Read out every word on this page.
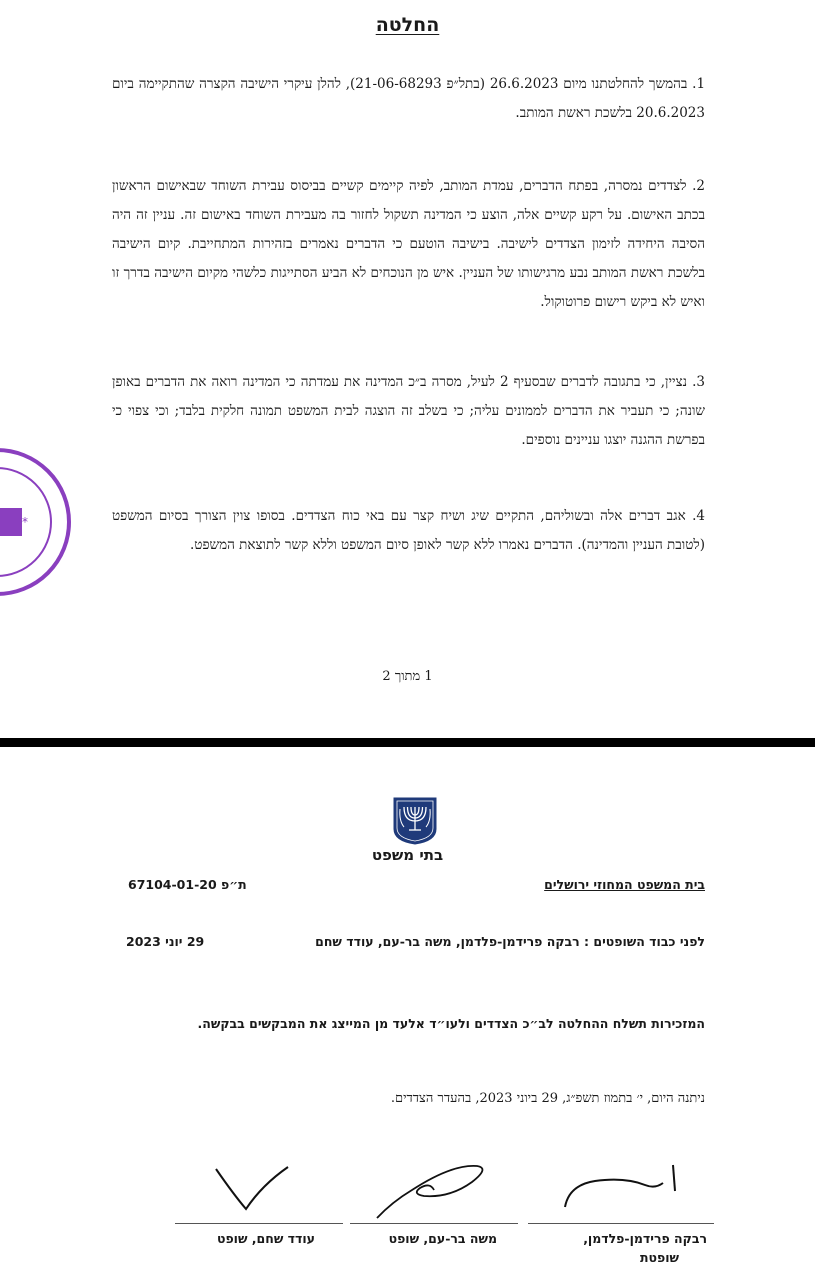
החלטה
1. בהמשך להחלטתנו מיום 26.6.2023 (בתל״פ 21-06-68293), להלן עיקרי הישיבה הקצרה שהתקיימה ביום 20.6.2023 בלשכת ראשת המותב.
2. לצדדים נמסרה, בפתח הדברים, עמדת המותב, לפיה קיימים קשיים בביסוס עבירת השוחד שבאישום הראשון בכתב האישום. על רקע קשיים אלה, הוצע כי המדינה תשקול לחזור בה מעבירת השוחד באישום זה. עניין זה היה הסיבה היחידה לזימון הצדדים לישיבה. בישיבה הוטעם כי הדברים נאמרים בזהירות המתחייבת. קיום הישיבה בלשכת ראשת המותב נבע מרגישותו של העניין. איש מן הנוכחים לא הביע הסתייגות כלשהי מקיום הישיבה בדרך זו ואיש לא ביקש רישום פרוטוקול.
3. נציין, כי בתגובה לדברים שבסעיף 2 לעיל, מסרה ב״כ המדינה את עמדתה כי המדינה רואה את הדברים באופן שונה; כי תעביר את הדברים לממונים עליה; כי בשלב זה הוצגה לבית המשפט תמונה חלקית בלבד; וכי צפוי כי בפרשת ההגנה יוצגו עניינים נוספים.
4. אגב דברים אלה ובשוליהם, התקיים שיג ושיח קצר עם באי כוח הצדדים. בסופו צוין הצורך בסיום המשפט (לטובת העניין והמדינה). הדברים נאמרו ללא קשר לאופן סיום המשפט וללא קשר לתוצאת המשפט.
1 מתוך 2
*
בתי משפט
בית המשפט המחוזי ירושלים
ת״פ 67104-01-20
לפני כבוד השופטים : רבקה פרידמן-פלדמן, משה בר-עם, עודד שחם
29 יוני 2023
המזכירות תשלח ההחלטה לב״כ הצדדים ולעו״ד אלעד מן המייצג את המבקשים בבקשה.
ניתנה היום, י׳ בתמוז תשפ״ג, 29 ביוני 2023, בהעדר הצדדים.
רבקה פרידמן-פלדמן,
שופטת
משה בר-עם, שופט
עודד שחם, שופט
